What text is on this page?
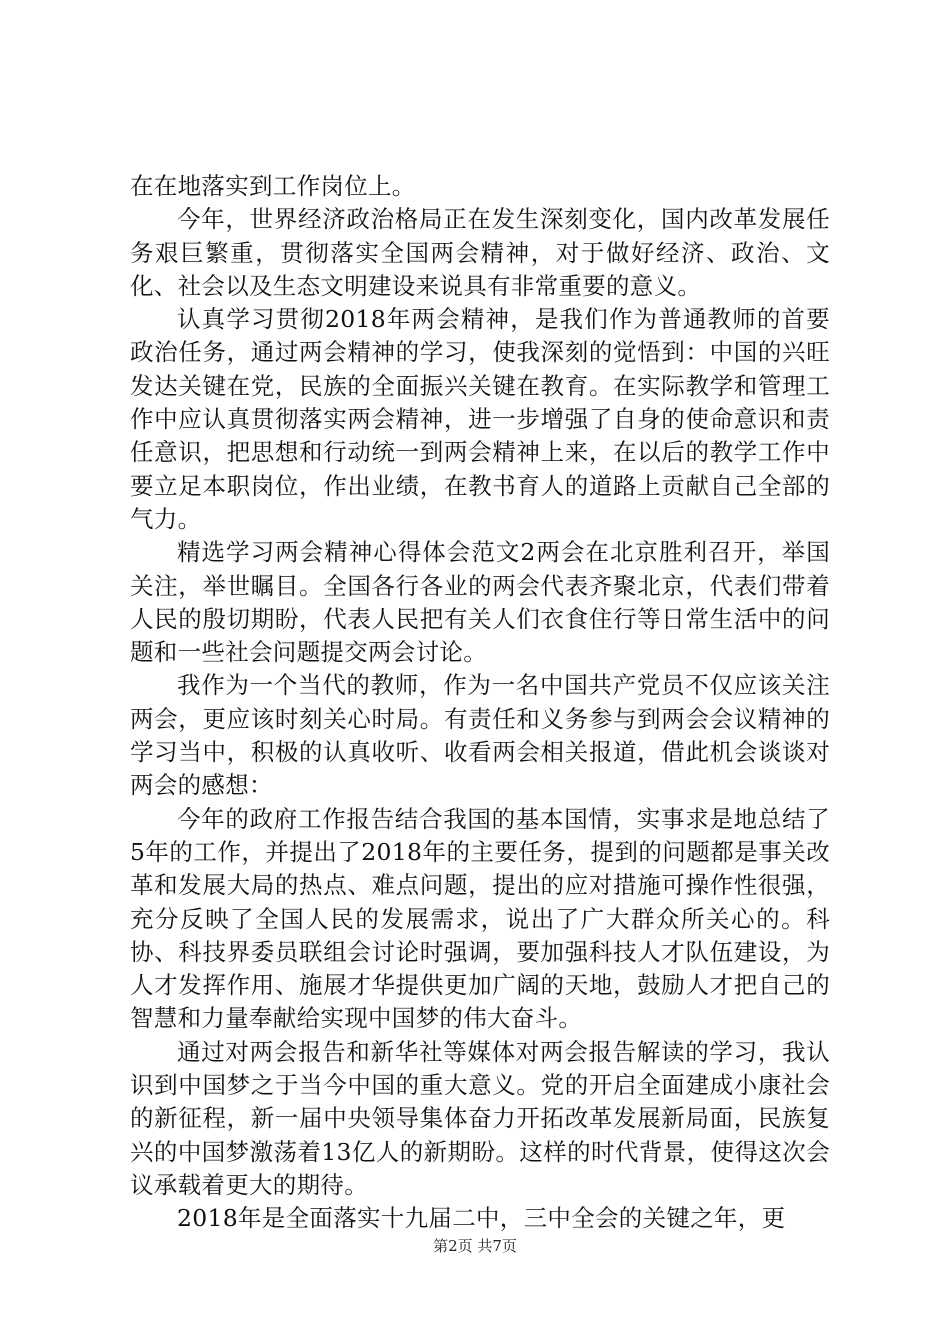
在在地落实到工作岗位上。

今年，世界经济政治格局正在发生深刻变化，国内改革发展任务艰巨繁重，贯彻落实全国两会精神，对于做好经济、政治、文化、社会以及生态文明建设来说具有非常重要的意义。

认真学习贯彻2018年两会精神，是我们作为普通教师的首要政治任务，通过两会精神的学习，使我深刻的觉悟到：中国的兴旺发达关键在党，民族的全面振兴关键在教育。在实际教学和管理工作中应认真贯彻落实两会精神，进一步增强了自身的使命意识和责任意识，把思想和行动统一到两会精神上来，在以后的教学工作中要立足本职岗位，作出业绩，在教书育人的道路上贡献自己全部的气力。

精选学习两会精神心得体会范文2两会在北京胜利召开，举国关注，举世瞩目。全国各行各业的两会代表齐聚北京，代表们带着人民的殷切期盼，代表人民把有关人们衣食住行等日常生活中的问题和一些社会问题提交两会讨论。

我作为一个当代的教师，作为一名中国共产党员不仅应该关注两会，更应该时刻关心时局。有责任和义务参与到两会会议精神的学习当中，积极的认真收听、收看两会相关报道，借此机会谈谈对两会的感想：

今年的政府工作报告结合我国的基本国情，实事求是地总结了5年的工作，并提出了2018年的主要任务，提到的问题都是事关改革和发展大局的热点、难点问题，提出的应对措施可操作性很强，充分反映了全国人民的发展需求，说出了广大群众所关心的。科协、科技界委员联组会讨论时强调，要加强科技人才队伍建设，为人才发挥作用、施展才华提供更加广阔的天地，鼓励人才把自己的智慧和力量奉献给实现中国梦的伟大奋斗。

通过对两会报告和新华社等媒体对两会报告解读的学习，我认识到中国梦之于当今中国的重大意义。党的开启全面建成小康社会的新征程，新一届中央领导集体奋力开拓改革发展新局面，民族复兴的中国梦激荡着13亿人的新期盼。这样的时代背景，使得这次会议承载着更大的期待。

2018年是全面落实十九届二中，三中全会的关键之年，更

第2页 共7页
